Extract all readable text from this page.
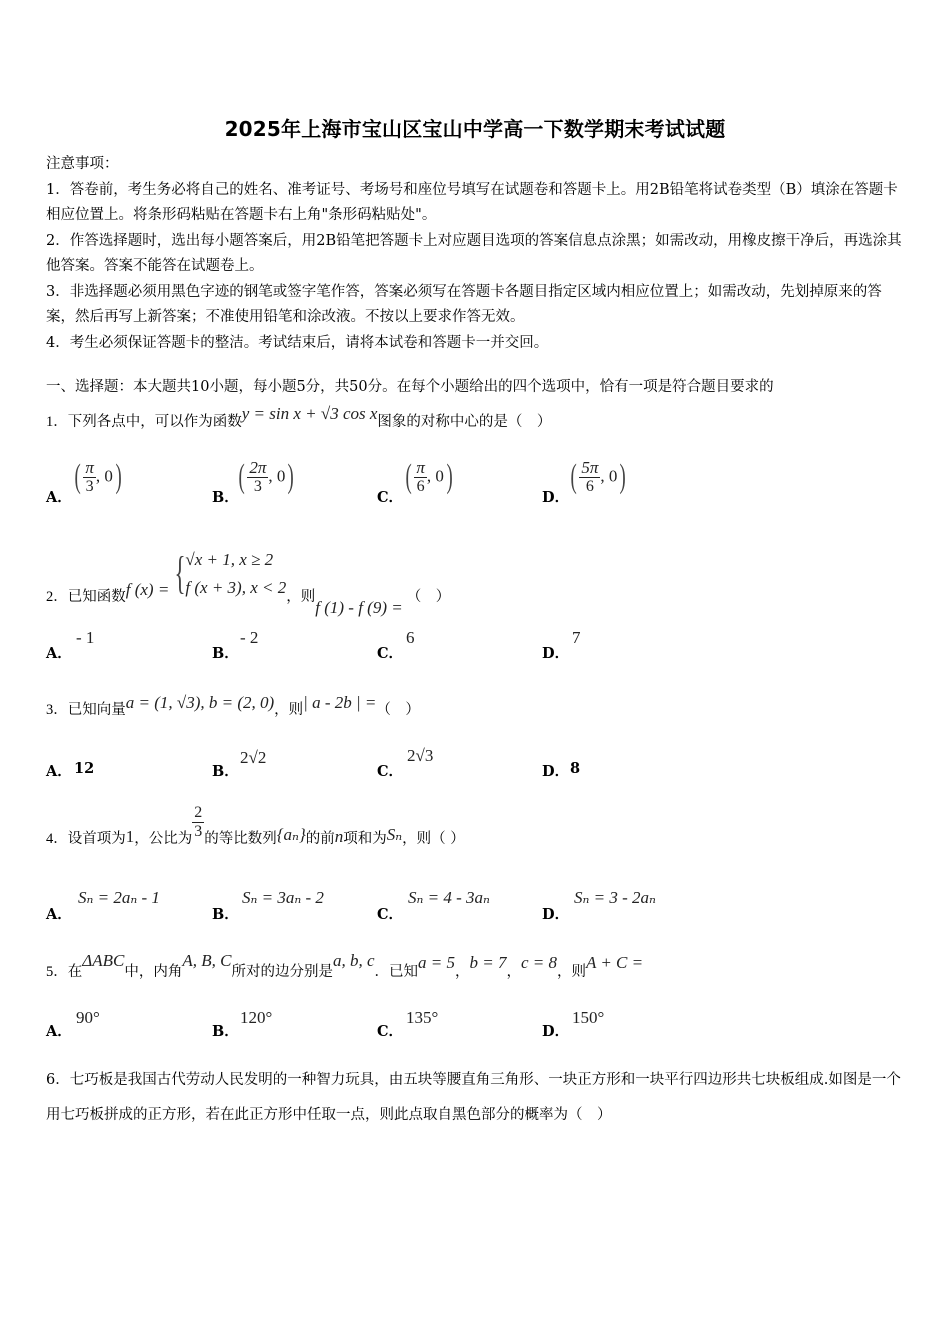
2025年上海市宝山区宝山中学高一下数学期末考试试题

注意事项：

1．答卷前，考生务必将自己的姓名、准考证号、考场号和座位号填写在试题卷和答题卡上。用2B铅笔将试卷类型（B）填涂在答题卡相应位置上。将条形码粘贴在答题卡右上角"条形码粘贴处"。

2．作答选择题时，选出每小题答案后，用2B铅笔把答题卡上对应题目选项的答案信息点涂黑；如需改动，用橡皮擦干净后，再选涂其他答案。答案不能答在试题卷上。

3．非选择题必须用黑色字迹的钢笔或签字笔作答，答案必须写在答题卡各题目指定区域内相应位置上；如需改动，先划掉原来的答案，然后再写上新答案；不准使用铅笔和涂改液。不按以上要求作答无效。

4．考生必须保证答题卡的整洁。考试结束后，请将本试卷和答题卡一并交回。

一、选择题：本大题共10小题，每小题5分，共50分。在每个小题给出的四个选项中，恰有一项是符合题目要求的
1．下列各点中，可以作为函数y = sin x + √3 cos x图象的对称中心的是（　）
A．
( $\frac{\pi}{3}$ , 0)
B．
( $\frac{2\pi}{3}$ , 0)
C．
( $\frac{\pi}{6}$ , 0)
D．
( $\frac{5\pi}{6}$ , 0)
2．已知函数f (x) = { √x + 1, x ≥ 2
f (x + 3), x < 2 ，则f (1) - f (9) =（　）
A．
- 1
B．
- 2
C．
6
D．
7
3．已知向量a = (1, √3), b = (2, 0)，则| a - 2b | =（　）
A． 12	B．
2√2
C．
2√3
D． 8
4．设首项为1，公比为 $\frac{2}{3}$ 的等比数列{aₙ}的前n项和为Sₙ，则（ ）
A．
Sₙ = 2aₙ - 1
B．
Sₙ = 3aₙ - 2
C．
Sₙ = 4 - 3aₙ
D．
Sₙ = 3 - 2aₙ
5．在ΔABC中，内角A, B, C所对的边分别是a, b, c．已知a = 5，b = 7，c = 8，则A + C =
A．
90°
B．
120°
C．
135°
D．
150°
6．七巧板是我国古代劳动人民发明的一种智力玩具，由五块等腰直角三角形、一块正方形和一块平行四边形共七块板组成.如图是一个用七巧板拼成的正方形，若在此正方形中任取一点，则此点取自黑色部分的概率为（　）
